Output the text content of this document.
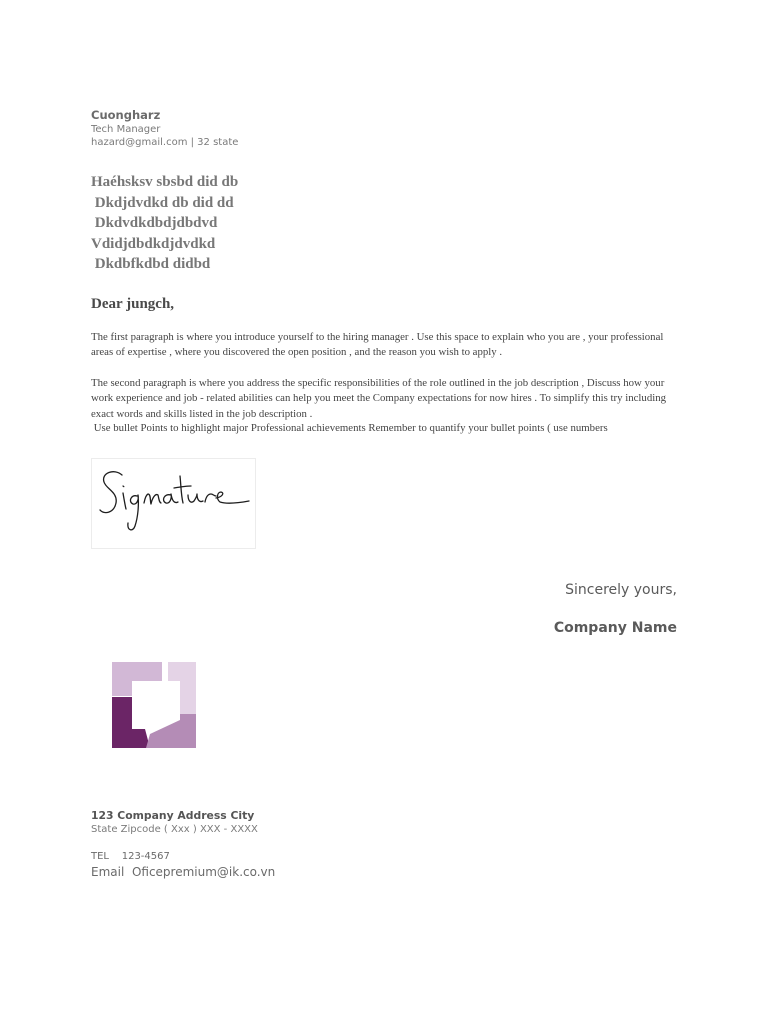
Cuongharz
Tech Manager
hazard@gmail.com | 32 state
Haéhsksv sbsbd did db
Dkdjdvdkd db did dd
Dkdvdkdbdjdbdvd
Vdidjdbdkdjdvdkd
Dkdbfkdbd didbd
Dear jungch,
The first paragraph is where you introduce yourself to the hiring manager . Use this space to explain who you are , your professional areas of expertise , where you discovered the open position , and the reason you wish to apply .
The second paragraph is where you address the specific responsibilities of the role outlined in the job description , Discuss how your work experience and job - related abilities can help you meet the Company expectations for now hires . To simplify this try including exact words and skills listed in the job description .
Use bullet Points to highlight major Professional achievements Remember to quantify your bullet points ( use numbers
Sincerely yours,
Company Name
123 Company Address City
State Zipcode ( Xxx ) XXX - XXXX
TEL 123-4567
Email Oficepremium@ik.co.vn
